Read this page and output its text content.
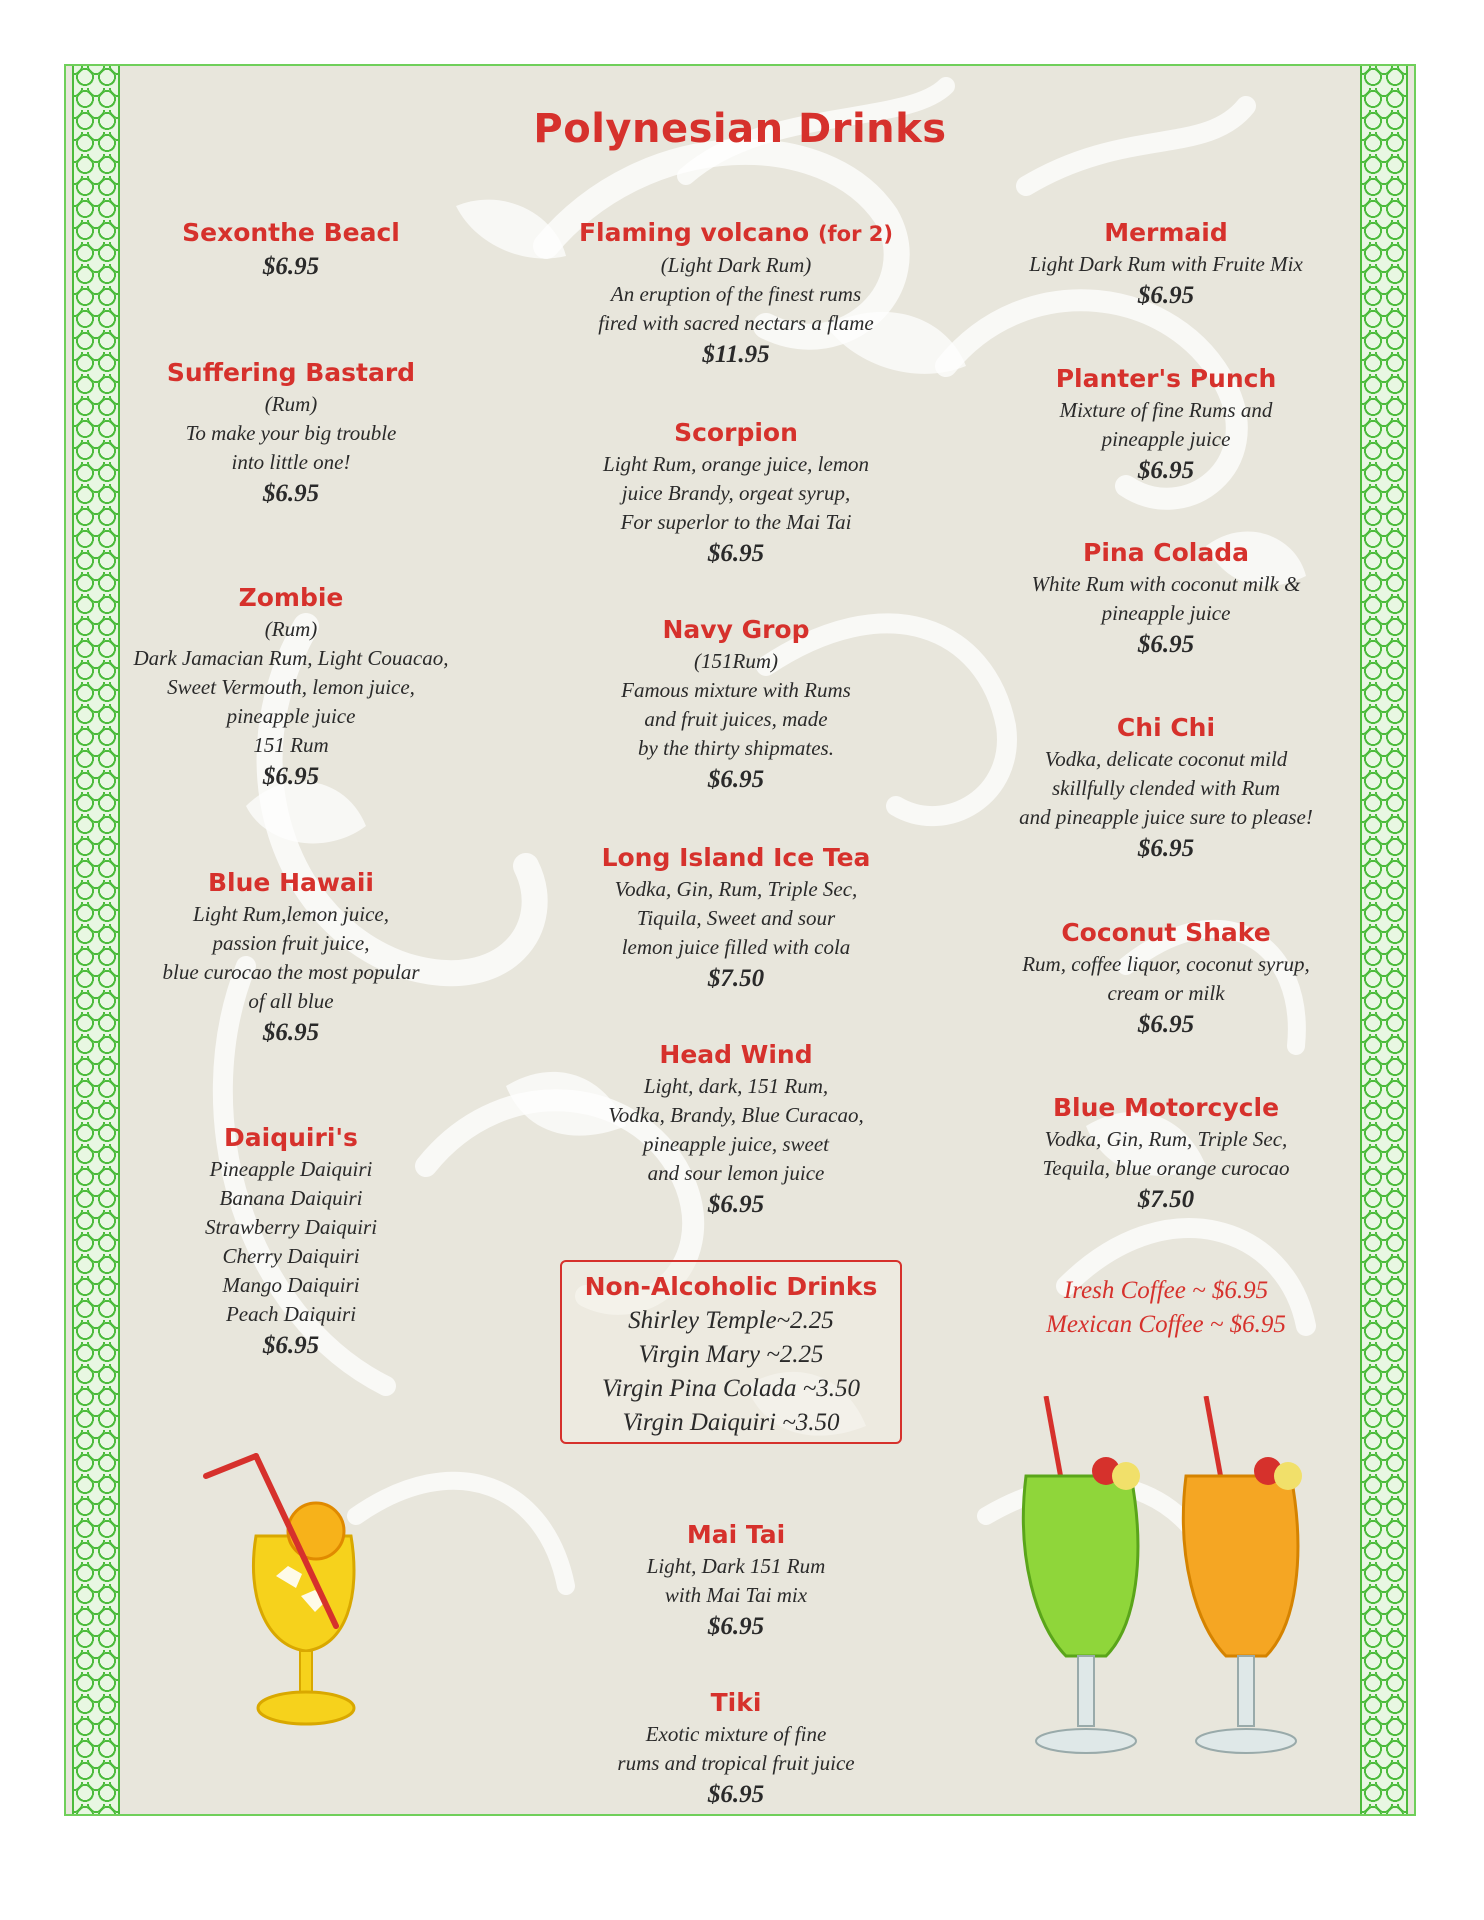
Polynesian Drinks
Sexonthe Beacl
$6.95
Suffering Bastard
(Rum)
To make your big trouble
into little one!
$6.95
Zombie
(Rum)
Dark Jamacian Rum, Light Couacao,
Sweet Vermouth, lemon juice,
pineapple juice
151 Rum
$6.95
Blue Hawaii
Light Rum,lemon juice,
passion fruit juice,
blue curocao the most popular
of all blue
$6.95
Daiquiri's
Pineapple Daiquiri
Banana Daiquiri
Strawberry Daiquiri
Cherry Daiquiri
Mango Daiquiri
Peach Daiquiri
$6.95
Flaming volcano (for 2)
(Light Dark Rum)
An eruption of the finest rums
fired with sacred nectars a flame
$11.95
Scorpion
Light Rum, orange juice, lemon
juice Brandy, orgeat syrup,
For superlor to the Mai Tai
$6.95
Navy Grop
(151Rum)
Famous mixture with Rums
and fruit juices, made
by the thirty shipmates.
$6.95
Long Island Ice Tea
Vodka, Gin, Rum, Triple Sec,
Tiquila, Sweet and sour
lemon juice filled with cola
$7.50
Head Wind
Light, dark, 151 Rum,
Vodka, Brandy, Blue Curacao,
pineapple juice, sweet
and sour lemon juice
$6.95
Mai Tai
Light, Dark 151 Rum
with Mai Tai mix
$6.95
Tiki
Exotic mixture of fine
rums and tropical fruit juice
$6.95
Non-Alcoholic Drinks
Shirley Temple~2.25
Virgin Mary ~2.25
Virgin Pina Colada ~3.50
Virgin Daiquiri ~3.50
Mermaid
Light Dark Rum with Fruite Mix
$6.95
Planter's Punch
Mixture of fine Rums and
pineapple juice
$6.95
Pina Colada
White Rum with coconut milk &
pineapple juice
$6.95
Chi Chi
Vodka, delicate coconut mild
skillfully clended with Rum
and pineapple juice sure to please!
$6.95
Coconut Shake
Rum, coffee liquor, coconut syrup,
cream or milk
$6.95
Blue Motorcycle
Vodka, Gin, Rum, Triple Sec,
Tequila, blue orange curocao
$7.50
Iresh Coffee ~ $6.95
Mexican Coffee ~ $6.95
